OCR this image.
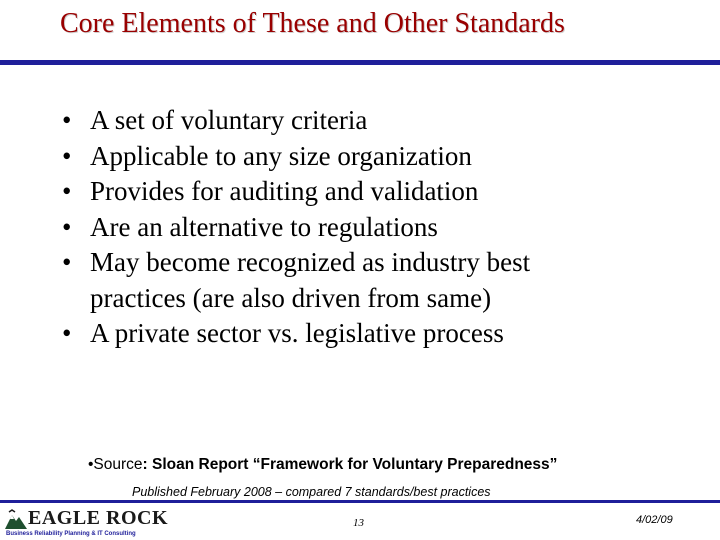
Core Elements of These and Other Standards
• A set of voluntary criteria
• Applicable to any size organization
• Provides for auditing and validation
• Are an alternative to regulations
• May become recognized as industry best
practices (are also driven from same)
• A private sector vs. legislative process
•Source: Sloan Report “Framework for Voluntary Preparedness”
Published February 2008 – compared 7 standards/best practices
EAGLE ROCK
Business Reliability Planning & IT Consulting
13	4/02/09
